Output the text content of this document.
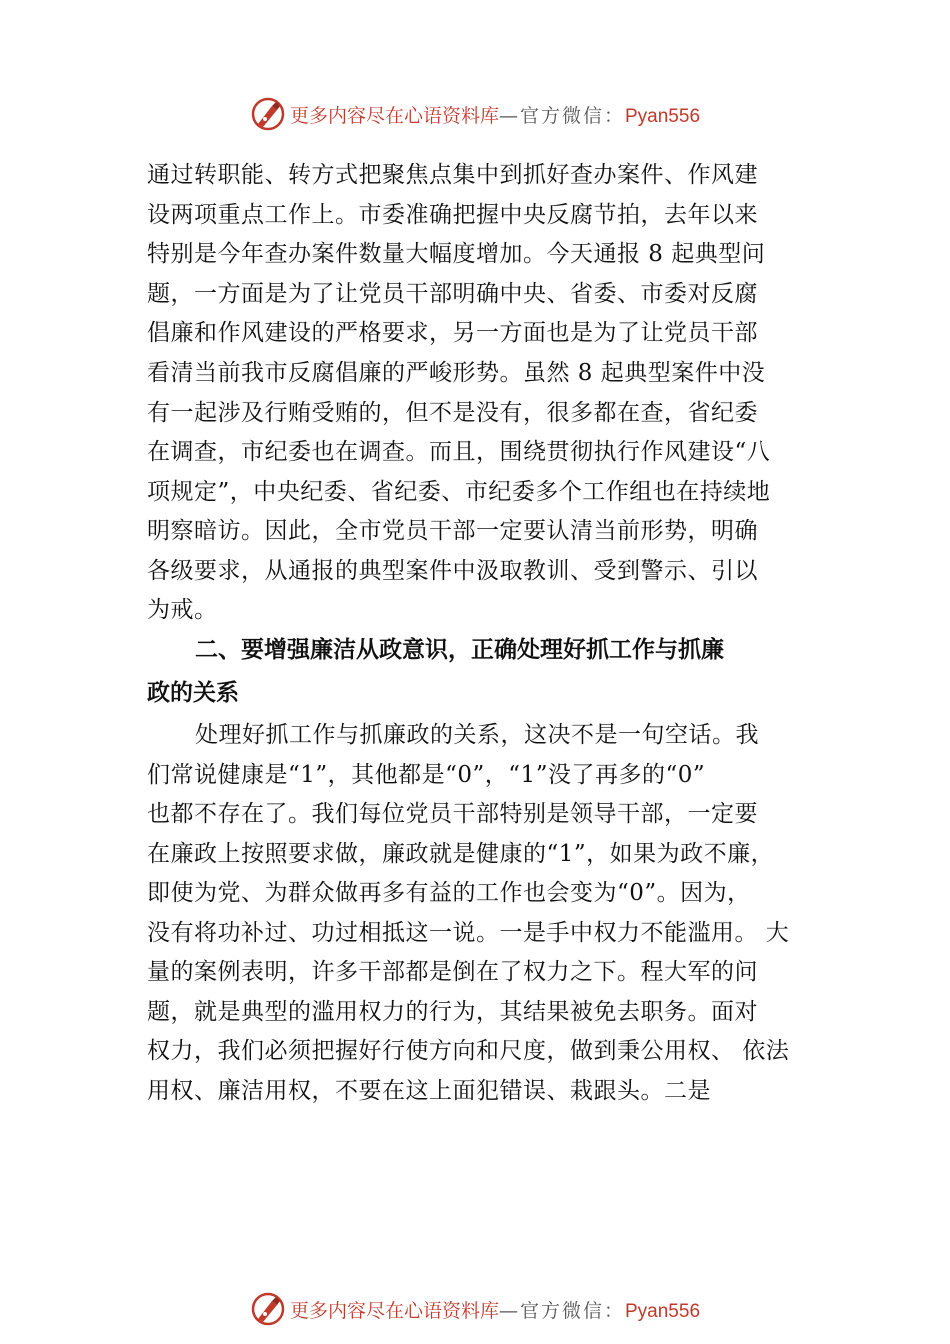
更多内容尽在心语资料库—官方微信：Pyan556
通过转职能、转方式把聚焦点集中到抓好查办案件、作风建
设两项重点工作上。市委准确把握中央反腐节拍，去年以来
特别是今年查办案件数量大幅度增加。今天通报 8 起典型问
题，一方面是为了让党员干部明确中央、省委、市委对反腐
倡廉和作风建设的严格要求，另一方面也是为了让党员干部
看清当前我市反腐倡廉的严峻形势。虽然 8 起典型案件中没
有一起涉及行贿受贿的，但不是没有，很多都在查，省纪委
在调查，市纪委也在调查。而且，围绕贯彻执行作风建设“八
项规定”，中央纪委、省纪委、市纪委多个工作组也在持续地
明察暗访。因此，全市党员干部一定要认清当前形势，明确
各级要求，从通报的典型案件中汲取教训、受到警示、引以
为戒。
二、要增强廉洁从政意识，正确处理好抓工作与抓廉
政的关系
处理好抓工作与抓廉政的关系，这决不是一句空话。我
们常说健康是“1”，其他都是“0”，“1”没了再多的“0”
也都不存在了。我们每位党员干部特别是领导干部，一定要
在廉政上按照要求做，廉政就是健康的“1”，如果为政不廉，
即使为党、为群众做再多有益的工作也会变为“0”。因为，
没有将功补过、功过相抵这一说。一是手中权力不能滥用。 大
量的案例表明，许多干部都是倒在了权力之下。程大军的问
题，就是典型的滥用权力的行为，其结果被免去职务。面对
权力，我们必须把握好行使方向和尺度，做到秉公用权、 依法
用权、廉洁用权，不要在这上面犯错误、栽跟头。二是
更多内容尽在心语资料库—官方微信：Pyan556
